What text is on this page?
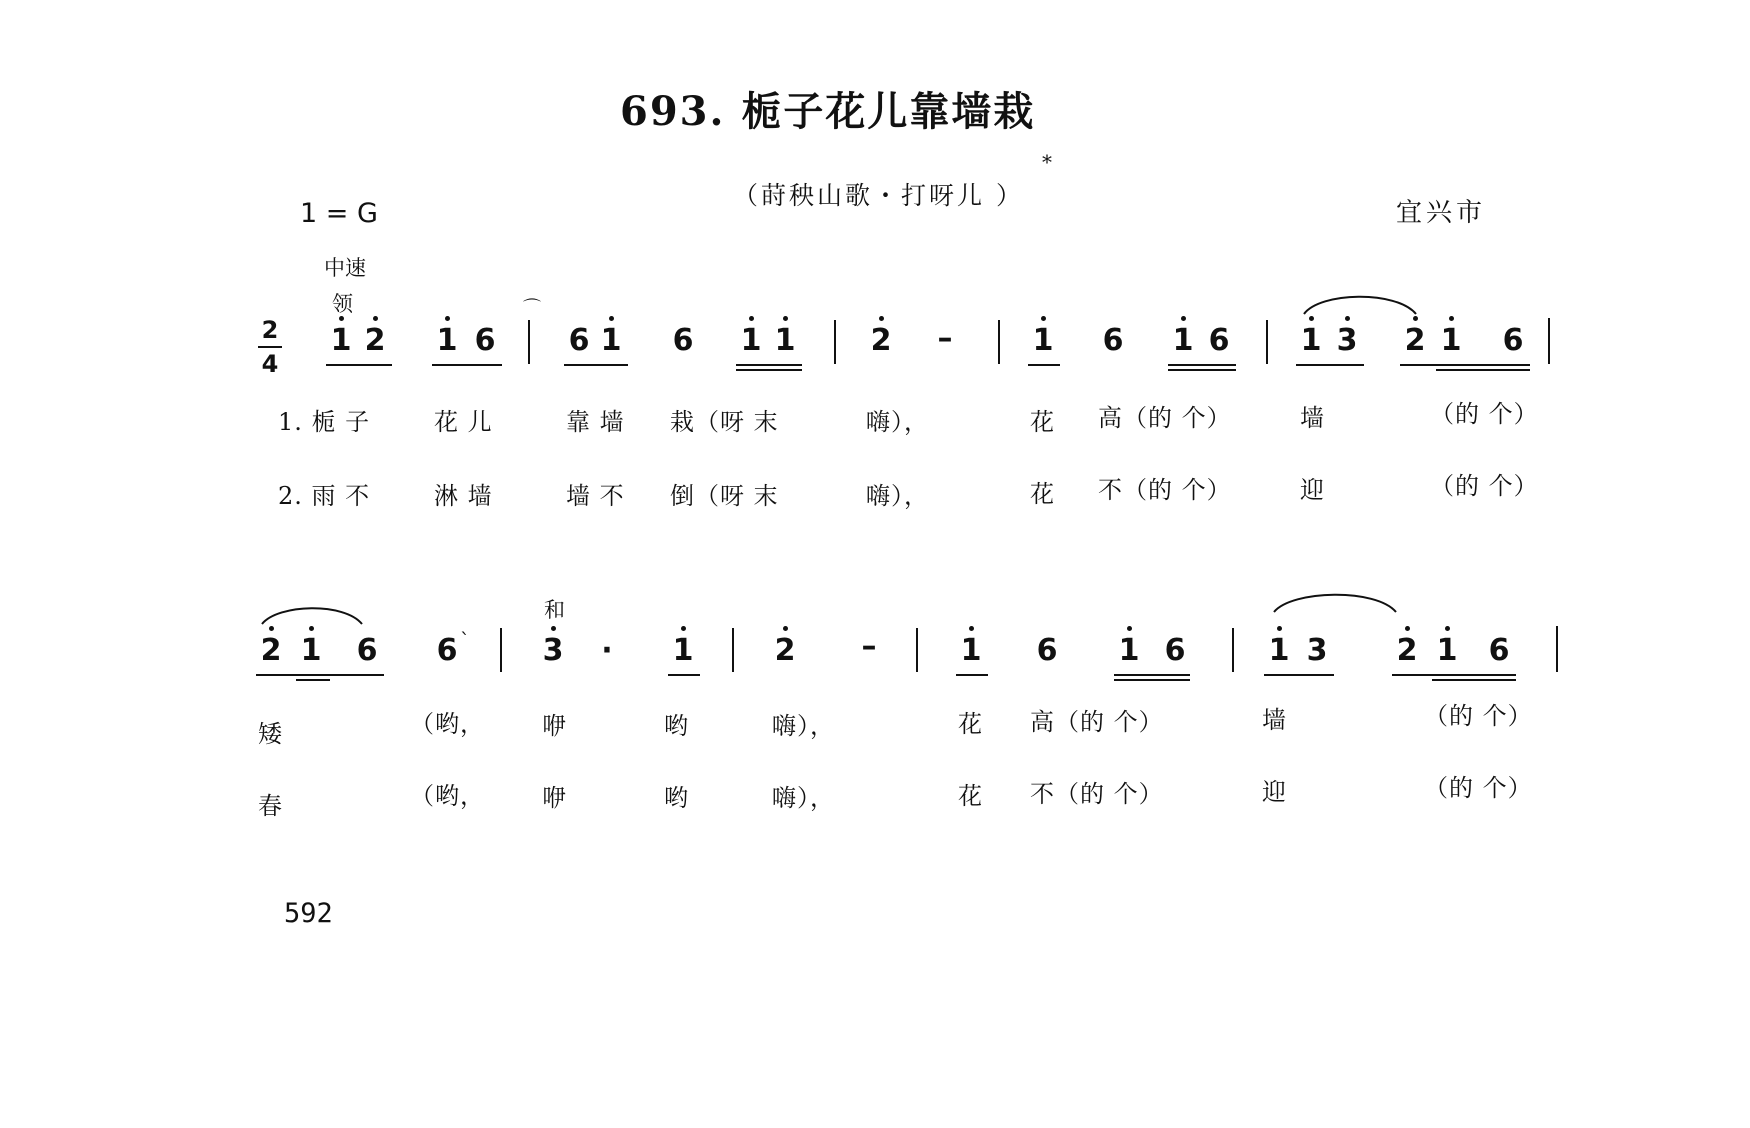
693. 栀子花儿靠墙栽
（莳秧山歌・打呀儿 ）
*
宜兴市
1 = G
中速
领
2
4
1 2 1 6
⌒
6 1 6 1 1	2 –	1 6 1 6 1 3 2 1 6
1. 栀 子	花 儿	靠 墙 栽（呀 末	嗨），	花 高（的 个）	墙	（的 个）
2. 雨 不	淋 墙	墙 不 倒（呀 末	嗨），	花 不（的 个）	迎	（的 个）
和
2 1 6 6 ` 3	·	1	2 –	1 6 1 6	1 3 2 1 6
矮	（哟， 咿	哟	嗨），	花 高（的 个）	墙	（的 个）
春	（哟， 咿	哟	嗨），	花 不（的 个）	迎	（的 个）
592
